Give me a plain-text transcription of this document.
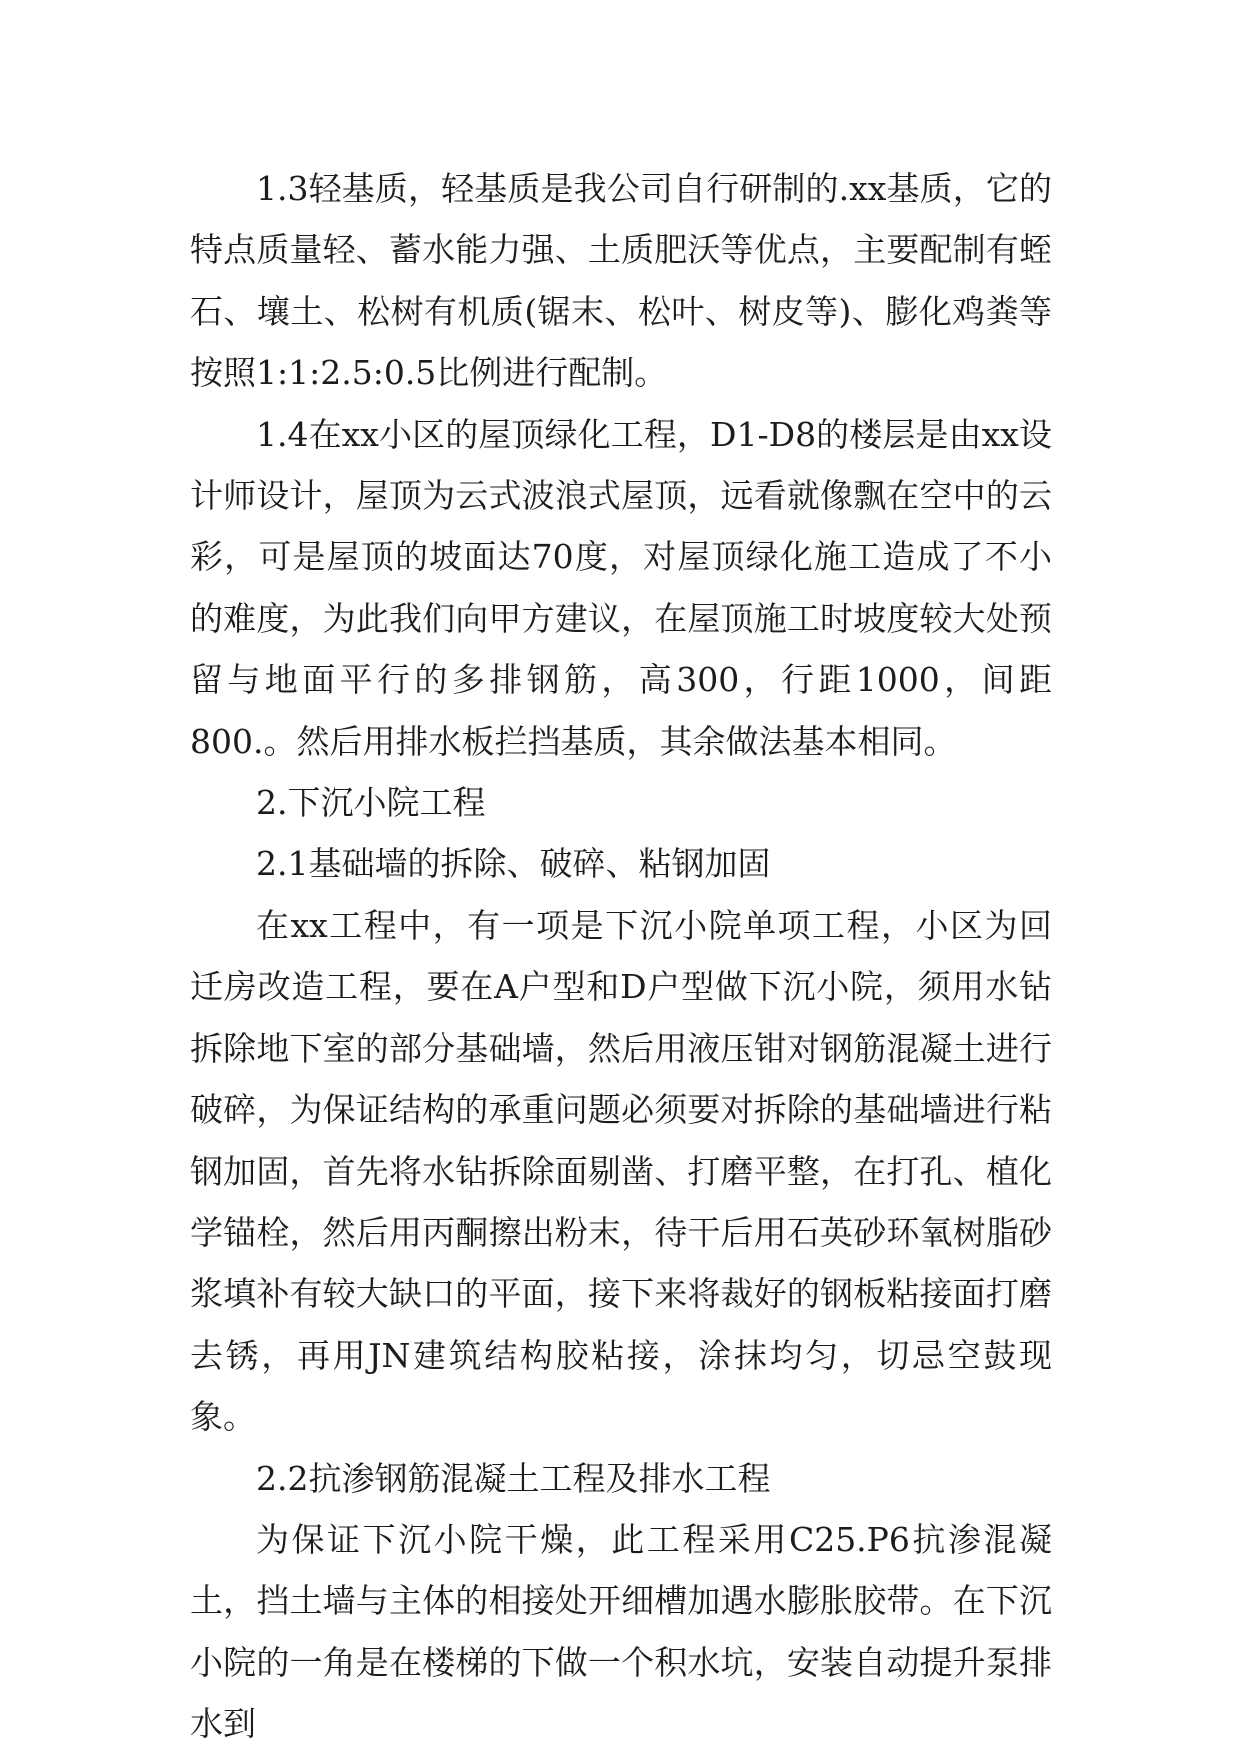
1.3轻基质，轻基质是我公司自行研制的.xx基质，它的特点质量轻、蓄水能力强、土质肥沃等优点，主要配制有蛭石、壤土、松树有机质(锯末、松叶、树皮等)、膨化鸡粪等按照1:1:2.5:0.5比例进行配制。

1.4在xx小区的屋顶绿化工程，D1-D8的楼层是由xx设计师设计，屋顶为云式波浪式屋顶，远看就像飘在空中的云彩，可是屋顶的坡面达70度，对屋顶绿化施工造成了不小的难度，为此我们向甲方建议，在屋顶施工时坡度较大处预留与地面平行的多排钢筋，高300，行距1000，间距800.。然后用排水板拦挡基质，其余做法基本相同。

2.下沉小院工程

2.1基础墙的拆除、破碎、粘钢加固

在xx工程中，有一项是下沉小院单项工程，小区为回迁房改造工程，要在A户型和D户型做下沉小院，须用水钻拆除地下室的部分基础墙，然后用液压钳对钢筋混凝土进行破碎，为保证结构的承重问题必须要对拆除的基础墙进行粘钢加固，首先将水钻拆除面剔凿、打磨平整，在打孔、植化学锚栓，然后用丙酮擦出粉末，待干后用石英砂环氧树脂砂浆填补有较大缺口的平面，接下来将裁好的钢板粘接面打磨去锈，再用JN建筑结构胶粘接，涂抹均匀，切忌空鼓现象。

2.2抗渗钢筋混凝土工程及排水工程

为保证下沉小院干燥，此工程采用C25.P6抗渗混凝土，挡土墙与主体的相接处开细槽加遇水膨胀胶带。在下沉小院的一角是在楼梯的下做一个积水坑，安装自动提升泵排水到
